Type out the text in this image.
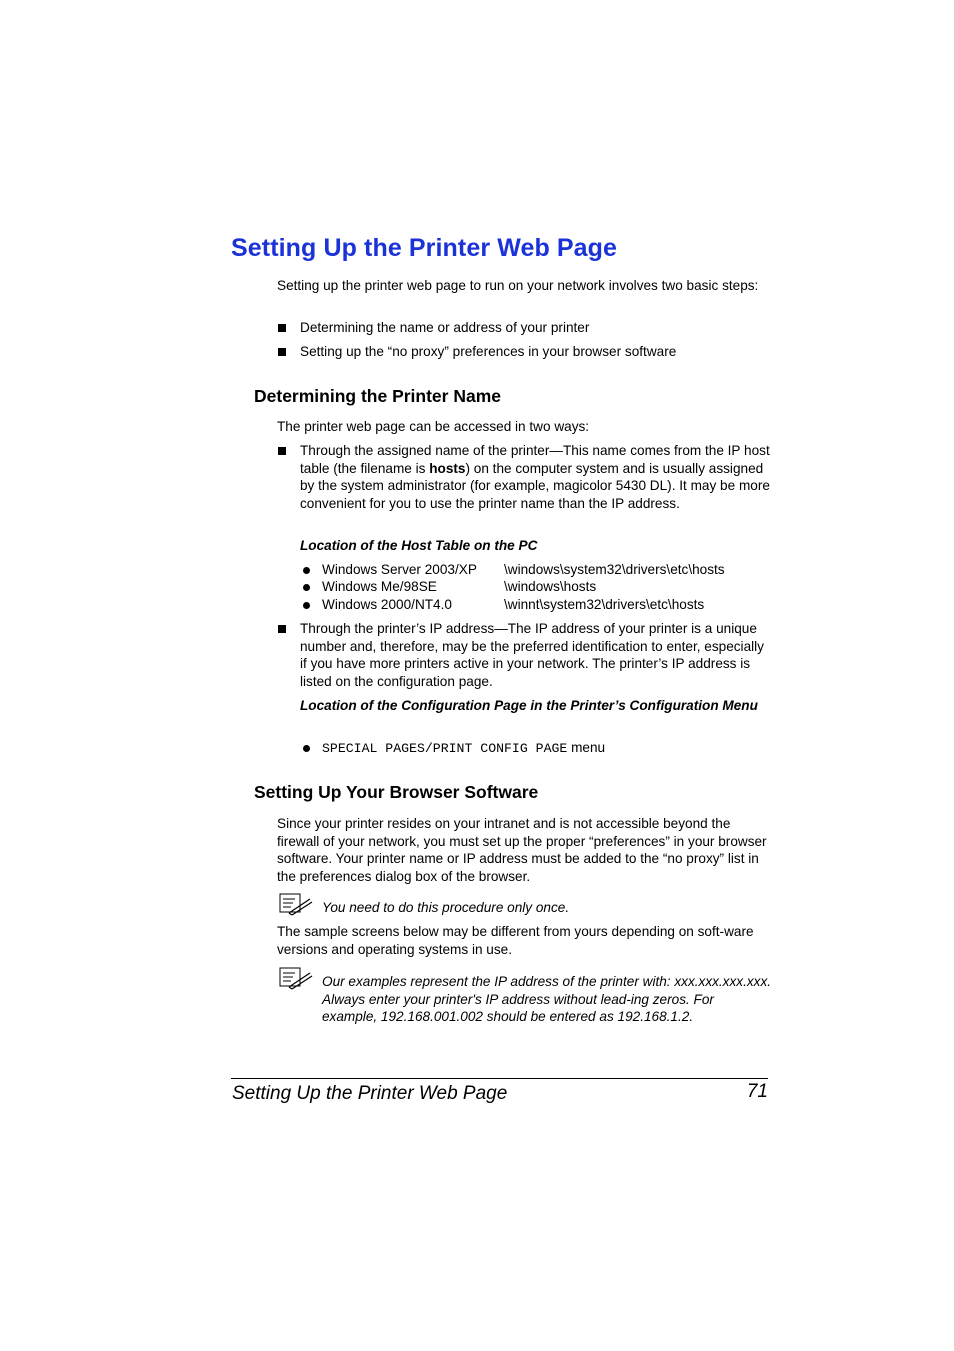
Setting Up the Printer Web Page

Setting up the printer web page to run on your network involves two basic steps:

Determining the name or address of your printer
Setting up the “no proxy” preferences in your browser software
Determining the Printer Name

The printer web page can be accessed in two ways:

Through the assigned name of the printer—This name comes from the IP host table (the filename is hosts) on the computer system and is usually assigned by the system administrator (for example, magicolor 5430 DL). It may be more convenient for you to use the printer name than the IP address.
Location of the Host Table on the PC
Windows Server 2003/XP \windows\system32\drivers\etc\hosts
Windows Me/98SE	\windows\hosts
Windows 2000/NT4.0	\winnt\system32\drivers\etc\hosts
Through the printer’s IP address—The IP address of your printer is a unique number and, therefore, may be the preferred identification to enter, especially if you have more printers active in your network. The printer’s IP address is listed on the configuration page.
Location of the Configuration Page in the Printer’s Configuration Menu
SPECIAL PAGES/PRINT CONFIG PAGE menu
Setting Up Your Browser Software

Since your printer resides on your intranet and is not accessible beyond the firewall of your network, you must set up the proper “preferences” in your browser software. Your printer name or IP address must be added to the “no proxy” list in the preferences dialog box of the browser.

You need to do this procedure only once.

The sample screens below may be different from yours depending on soft-ware versions and operating systems in use.

Our examples represent the IP address of the printer with: xxx.xxx.xxx.xxx. Always enter your printer's IP address without lead-ing zeros. For example, 192.168.001.002 should be entered as 192.168.1.2.
Setting Up the Printer Web Page	71
